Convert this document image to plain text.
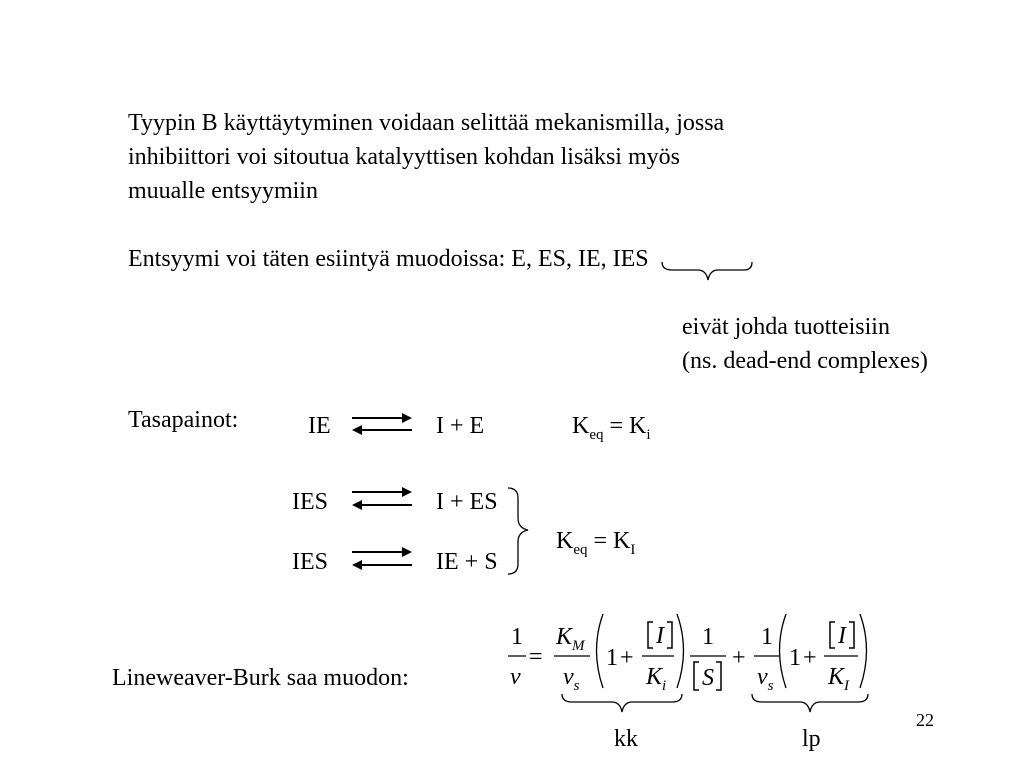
Tyypin B käyttäytyminen voidaan selittää mekanismilla, jossa
inhibiittori voi sitoutua katalyyttisen kohdan lisäksi myös
muualle entsyymiin
Entsyymi voi täten esiintyä muodoissa: E, ES, IE, IES
eivät johda tuotteisiin
(ns. dead-end complexes)
Tasapainot:	IE	I + E	$K_{eq} = K_i$
IES	I + ES
IES	IE + S
$K_{eq} = K_I$
Lineweaver-Burk saa muodon:
1
v
=
$K_M$
$v_s$
1 +
I
$K_i$
1
S
+
1
$v_s$
1 +
I
$K_I$
kk	lp
22
